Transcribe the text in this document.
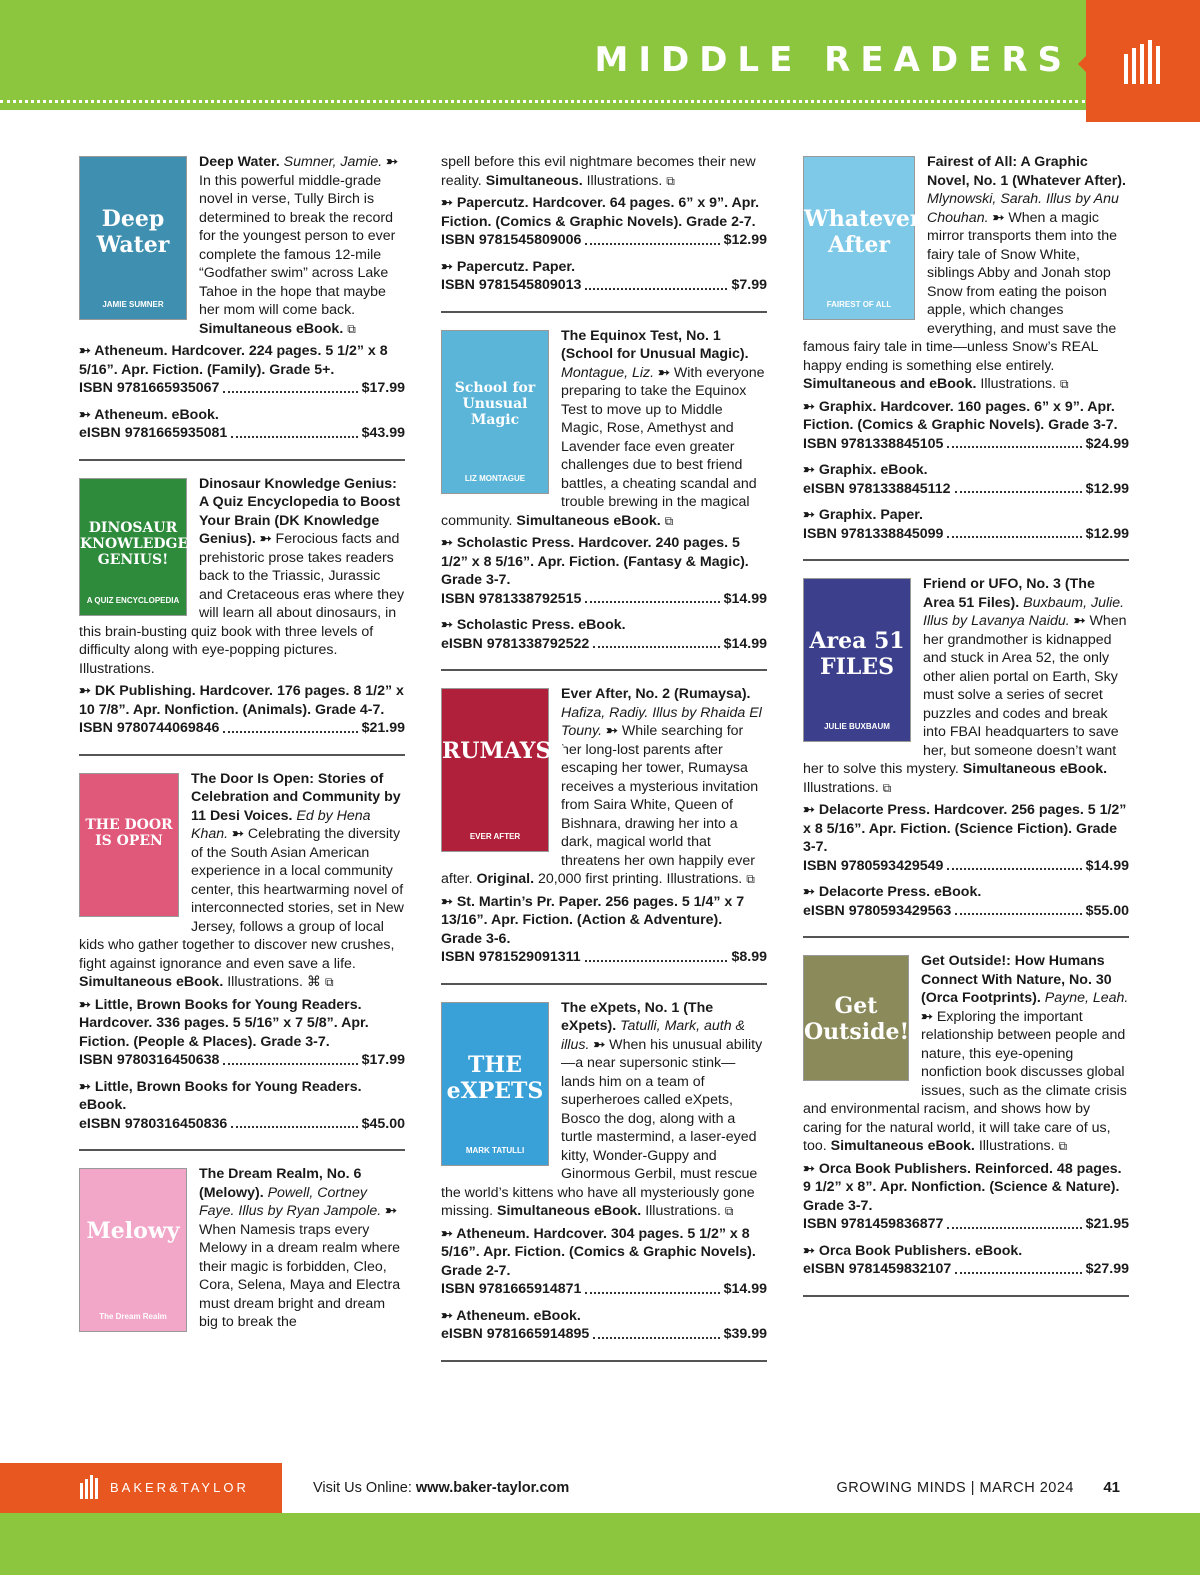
MIDDLE READERS
Deep Water
JAMIE SUMNER

Deep Water. Sumner, Jamie. ➳ In this powerful middle-grade novel in verse, Tully Birch is determined to break the record for the youngest person to ever complete the famous 12-mile “Godfather swim” across Lake Tahoe in the hope that maybe her mom will come back. Simultaneous eBook. ⧉

➳ Atheneum. Hardcover. 224 pages. 5 1/2” x 8 5/16”. Apr. Fiction. (Family). Grade 5+.
ISBN 9781665935067	$17.99
➳ Atheneum. eBook.
eISBN 9781665935081	$43.99
DINOSAUR KNOWLEDGE GENIUS!
A QUIZ ENCYCLOPEDIA

Dinosaur Knowledge Genius: A Quiz Encyclopedia to Boost Your Brain (DK Knowledge Genius). ➳ Ferocious facts and prehistoric prose takes readers back to the Triassic, Jurassic and Cretaceous eras where they will learn all about dinosaurs, in this brain-busting quiz book with three levels of difficulty along with eye-popping pictures. Illustrations.

➳ DK Publishing. Hardcover. 176 pages. 8 1/2” x 10 7/8”. Apr. Nonfiction. (Animals). Grade 4-7.
ISBN 9780744069846	$21.99
THE DOOR IS OPEN

The Door Is Open: Stories of Celebration and Community by 11 Desi Voices. Ed by Hena Khan. ➳ Celebrating the diversity of the South Asian American experience in a local community center, this heartwarming novel of interconnected stories, set in New Jersey, follows a group of local kids who gather together to discover new crushes, fight against ignorance and even save a life. Simultaneous eBook. Illustrations. ⌘ ⧉

➳ Little, Brown Books for Young Readers. Hardcover. 336 pages. 5 5/16” x 7 5/8”. Apr. Fiction. (People & Places). Grade 3-7.
ISBN 9780316450638	$17.99
➳ Little, Brown Books for Young Readers. eBook.
eISBN 9780316450836	$45.00
Melowy
The Dream Realm

The Dream Realm, No. 6 (Melowy). Powell, Cortney Faye. Illus by Ryan Jampole. ➳ When Namesis traps every Melowy in a dream realm where their magic is forbidden, Cleo, Cora, Selena, Maya and Electra must dream bright and dream big to break the

spell before this evil nightmare becomes their new reality. Simultaneous. Illustrations. ⧉

➳ Papercutz. Hardcover. 64 pages. 6” x 9”. Apr. Fiction. (Comics & Graphic Novels). Grade 2-7.
ISBN 9781545809006	$12.99
➳ Papercutz. Paper.
ISBN 9781545809013	$7.99
School for Unusual Magic
LIZ MONTAGUE

The Equinox Test, No. 1 (School for Unusual Magic). Montague, Liz. ➳ With everyone preparing to take the Equinox Test to move up to Middle Magic, Rose, Amethyst and Lavender face even greater challenges due to best friend battles, a cheating scandal and trouble brewing in the magical community. Simultaneous eBook. ⧉

➳ Scholastic Press. Hardcover. 240 pages. 5 1/2” x 8 5/16”. Apr. Fiction. (Fantasy & Magic). Grade 3-7.
ISBN 9781338792515	$14.99
➳ Scholastic Press. eBook.
eISBN 9781338792522	$14.99
RUMAYSA
EVER AFTER

Ever After, No. 2 (Rumaysa). Hafiza, Radiy. Illus by Rhaida El Touny. ➳ While searching for her long-lost parents after escaping her tower, Rumaysa receives a mysterious invitation from Saira White, Queen of Bishnara, drawing her into a dark, magical world that threatens her own happily ever after. Original. 20,000 first printing. Illustrations. ⧉

➳ St. Martin’s Pr. Paper. 256 pages. 5 1/4” x 7 13/16”. Apr. Fiction. (Action & Adventure). Grade 3-6.
ISBN 9781529091311	$8.99
THE eXPETS
MARK TATULLI

The eXpets, No. 1 (The eXpets). Tatulli, Mark, auth & illus. ➳ When his unusual ability—a near supersonic stink—lands him on a team of superheroes called eXpets, Bosco the dog, along with a turtle mastermind, a laser-eyed kitty, Wonder-Guppy and Ginormous Gerbil, must rescue the world’s kittens who have all mysteriously gone missing. Simultaneous eBook. Illustrations. ⧉

➳ Atheneum. Hardcover. 304 pages. 5 1/2” x 8 5/16”. Apr. Fiction. (Comics & Graphic Novels). Grade 2-7.
ISBN 9781665914871	$14.99
➳ Atheneum. eBook.
eISBN 9781665914895	$39.99
Whatever After
FAIREST OF ALL

Fairest of All: A Graphic Novel, No. 1 (Whatever After). Mlynowski, Sarah. Illus by Anu Chouhan. ➳ When a magic mirror transports them into the fairy tale of Snow White, siblings Abby and Jonah stop Snow from eating the poison apple, which changes everything, and must save the famous fairy tale in time—unless Snow’s REAL happy ending is something else entirely. Simultaneous and eBook. Illustrations. ⧉

➳ Graphix. Hardcover. 160 pages. 6” x 9”. Apr. Fiction. (Comics & Graphic Novels). Grade 3-7.
ISBN 9781338845105	$24.99
➳ Graphix. eBook.
eISBN 9781338845112	$12.99
➳ Graphix. Paper.
ISBN 9781338845099	$12.99
Area 51 FILES
JULIE BUXBAUM

Friend or UFO, No. 3 (The Area 51 Files). Buxbaum, Julie. Illus by Lavanya Naidu. ➳ When her grandmother is kidnapped and stuck in Area 52, the only other alien portal on Earth, Sky must solve a series of secret puzzles and codes and break into FBAI headquarters to save her, but someone doesn’t want her to solve this mystery. Simultaneous eBook. Illustrations. ⧉

➳ Delacorte Press. Hardcover. 256 pages. 5 1/2” x 8 5/16”. Apr. Fiction. (Science Fiction). Grade 3-7.
ISBN 9780593429549	$14.99
➳ Delacorte Press. eBook.
eISBN 9780593429563	$55.00
Get Outside!

Get Outside!: How Humans Connect With Nature, No. 30 (Orca Footprints). Payne, Leah. ➳ Exploring the important relationship between people and nature, this eye-opening nonfiction book discusses global issues, such as the climate crisis and environmental racism, and shows how by caring for the natural world, it will take care of us, too. Simultaneous eBook. Illustrations. ⧉

➳ Orca Book Publishers. Reinforced. 48 pages. 9 1/2” x 8”. Apr. Nonfiction. (Science & Nature). Grade 3-7.
ISBN 9781459836877	$21.95
➳ Orca Book Publishers. eBook.
eISBN 9781459832107	$27.99
BAKER&TAYLOR	Visit Us Online: www.baker-taylor.com	GROWING MINDS | MARCH 2024 41
